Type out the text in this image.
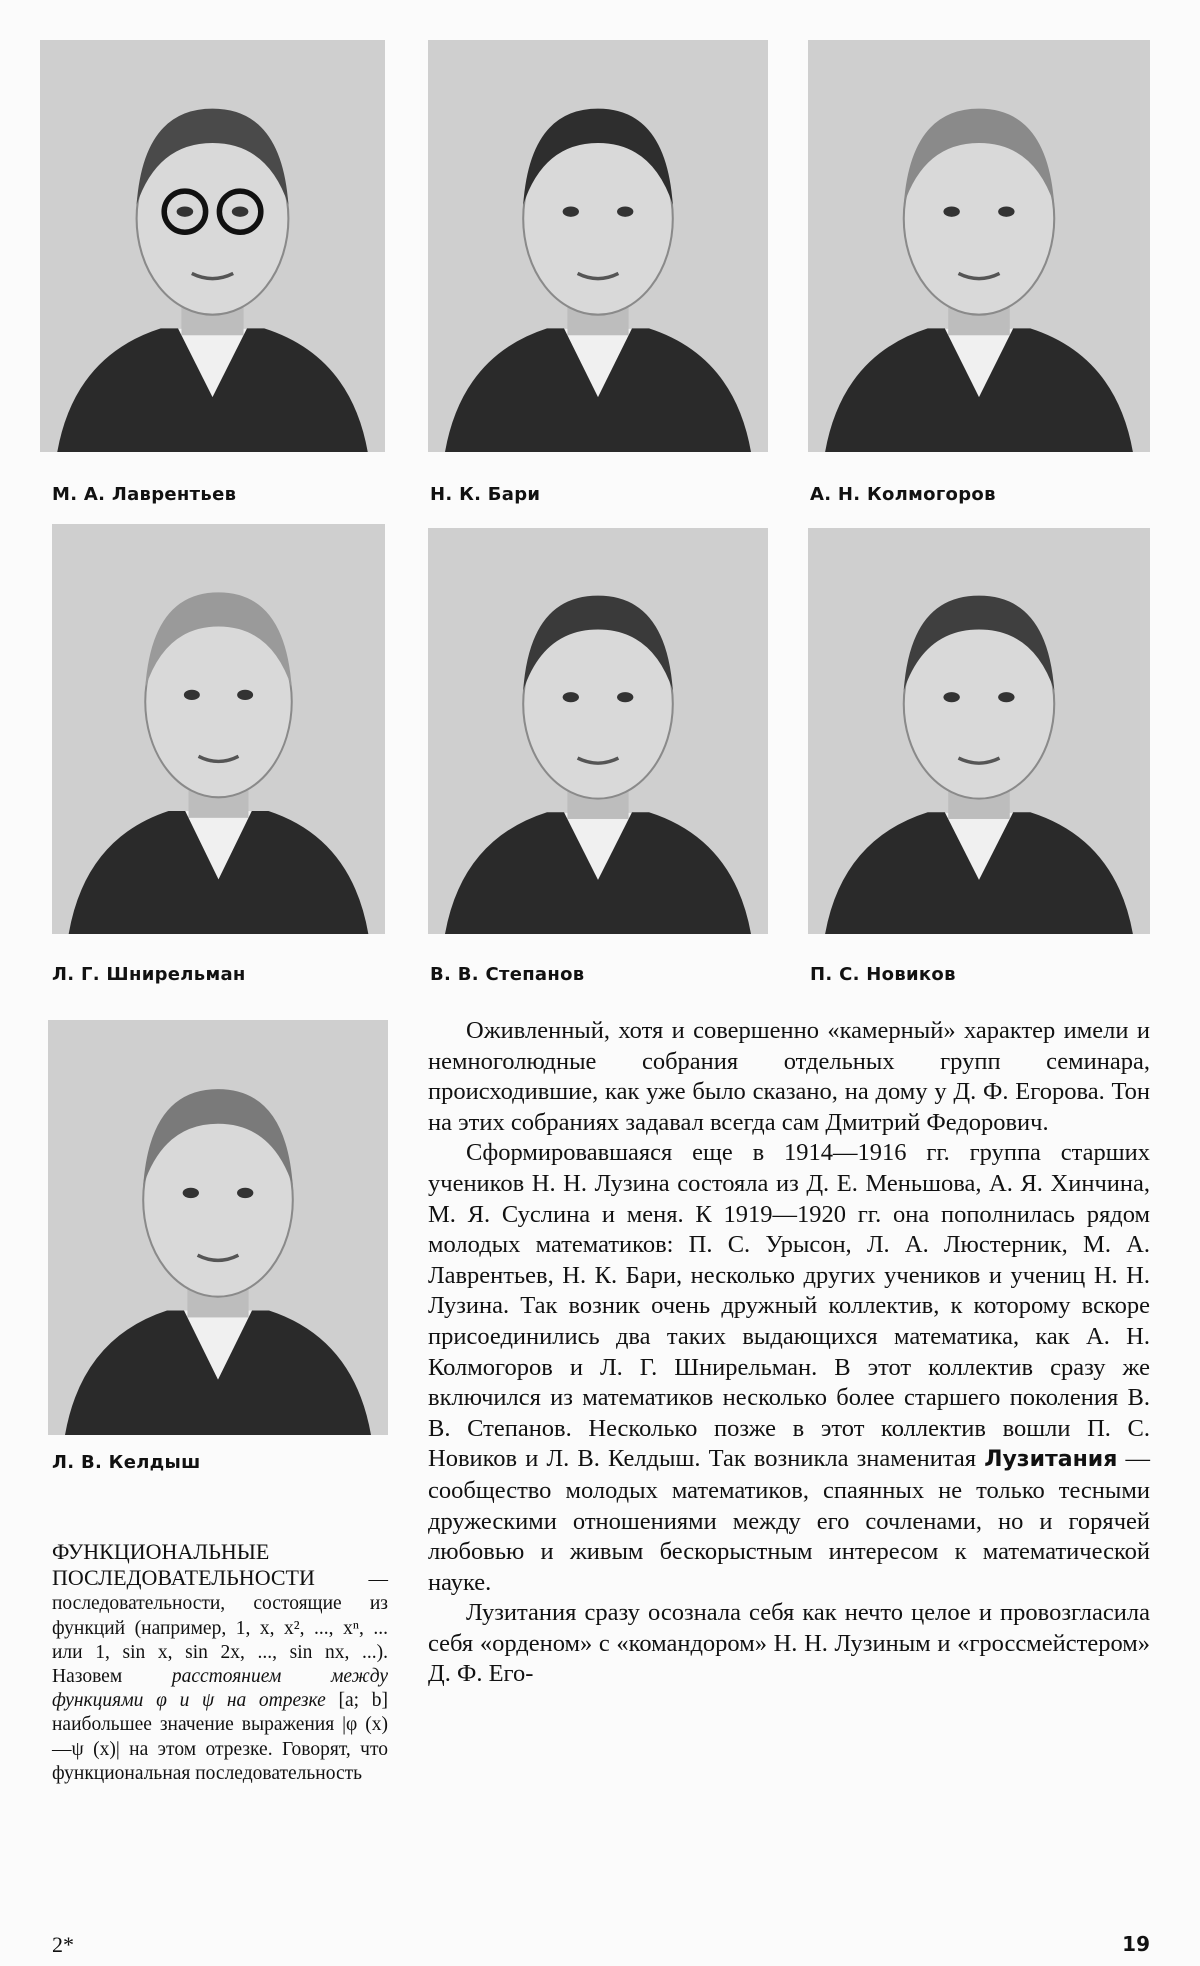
М. А. Лаврентьев	Н. К. Бари	А. Н. Колмогоров
Л. Г. Шнирельман	В. В. Степанов	П. С. Новиков
Л. В. Келдыш

Оживленный, хотя и совершенно «камерный» характер имели и немноголюдные собрания отдельных групп семинара, происходившие, как уже было сказано, на дому у Д. Ф. Егорова. Тон на этих собраниях задавал всегда сам Дмитрий Федорович.

Сформировавшаяся еще в 1914—1916 гг. группа старших учеников Н. Н. Лузина состояла из Д. Е. Меньшова, А. Я. Хинчина, М. Я. Суслина и меня. К 1919—1920 гг. она пополнилась рядом молодых математиков: П. С. Урысон, Л. А. Люстерник, М. А. Лаврентьев, Н. К. Бари, несколько других учеников и учениц Н. Н. Лузина. Так возник очень дружный коллектив, к которому вскоре присоединились два таких выдающихся математика, как А. Н. Колмогоров и Л. Г. Шнирельман. В этот коллектив сразу же включился из математиков несколько более старшего поколения В. В. Степанов. Несколько позже в этот коллектив вошли П. С. Новиков и Л. В. Келдыш. Так возникла знаменитая Лузитания — сообщество молодых математиков, спаянных не только тесными дружескими отношениями между его сочленами, но и горячей любовью и живым бескорыстным интересом к математической науке.

Лузитания сразу осознала себя как нечто целое и провозгласила себя «орденом» с «командором» Н. Н. Лузиным и «гроссмейстером» Д. Ф. Его-

ФУНКЦИОНАЛЬНЫЕ ПОСЛЕДОВАТЕЛЬНОСТИ — последовательности, состоящие из функций (например, 1, x, x², ..., xⁿ, ... или 1, sin x, sin 2x, ..., sin nx, ...). Назовем расстоянием между функциями φ и ψ на отрезке [a; b] наибольшее значение выражения |φ (x)—ψ (x)| на этом отрезке. Говорят, что функциональная последовательность
2*	19
